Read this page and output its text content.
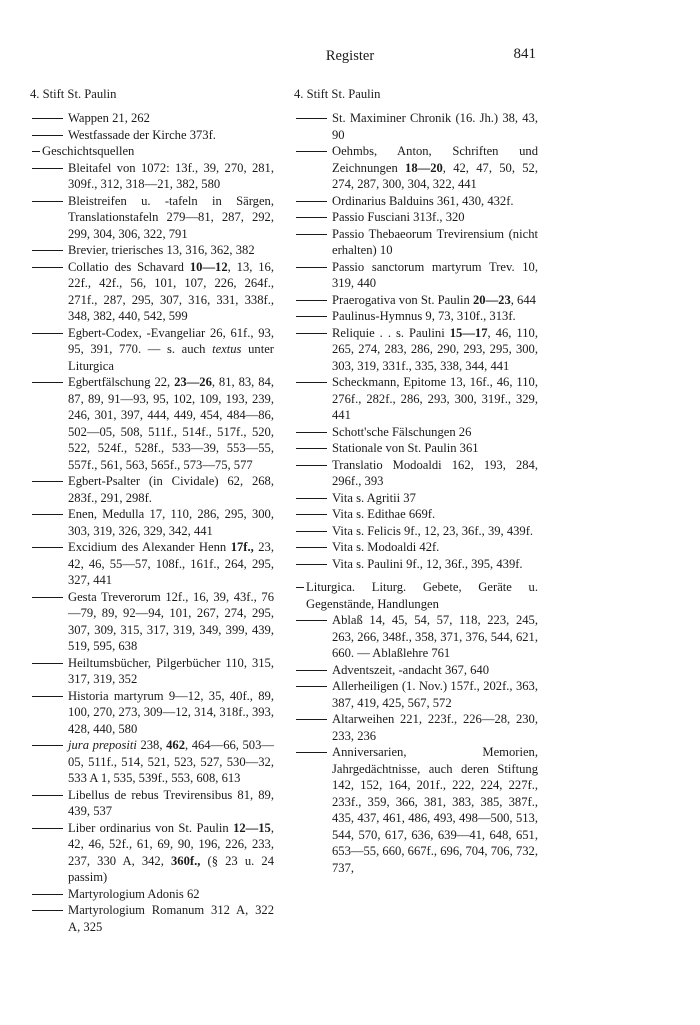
Register	841
4. Stift St. Paulin
Wappen 21, 262
Westfassade der Kirche 373f.
Geschichtsquellen
Bleitafel von 1072: 13f., 39, 270, 281, 309f., 312, 318—21, 382, 580
Bleistreifen u. -tafeln in Särgen, Translationstafeln 279—81, 287, 292, 299, 304, 306, 322, 791
Brevier, trierisches 13, 316, 362, 382
Collatio des Schavard 10—12, 13, 16, 22f., 42f., 56, 101, 107, 226, 264f., 271f., 287, 295, 307, 316, 331, 338f., 348, 382, 440, 542, 599
Egbert-Codex, -Evangeliar 26, 61f., 93, 95, 391, 770. — s. auch textus unter Liturgica
Egbertfälschung 22, 23—26, 81, 83, 84, 87, 89, 91—93, 95, 102, 109, 193, 239, 246, 301, 397, 444, 449, 454, 484—86, 502—05, 508, 511f., 514f., 517f., 520, 522, 524f., 528f., 533—39, 553—55, 557f., 561, 563, 565f., 573—75, 577
Egbert-Psalter (in Cividale) 62, 268, 283f., 291, 298f.
Enen, Medulla 17, 110, 286, 295, 300, 303, 319, 326, 329, 342, 441
Excidium des Alexander Henn 17f., 23, 42, 46, 55—57, 108f., 161f., 264, 295, 327, 441
Gesta Treverorum 12f., 16, 39, 43f., 76—79, 89, 92—94, 101, 267, 274, 295, 307, 309, 315, 317, 319, 349, 399, 439, 519, 595, 638
Heiltumsbücher, Pilgerbücher 110, 315, 317, 319, 352
Historia martyrum 9—12, 35, 40f., 89, 100, 270, 273, 309—12, 314, 318f., 393, 428, 440, 580
jura prepositi 238, 462, 464—66, 503—05, 511f., 514, 521, 523, 527, 530—32, 533 A 1, 535, 539f., 553, 608, 613
Libellus de rebus Trevirensibus 81, 89, 439, 537
Liber ordinarius von St. Paulin 12—15, 42, 46, 52f., 61, 69, 90, 196, 226, 233, 237, 330 A, 342, 360f., (§ 23 u. 24 passim)
Martyrologium Adonis 62
Martyrologium Romanum 312 A, 322 A, 325
4. Stift St. Paulin
St. Maximiner Chronik (16. Jh.) 38, 43, 90
Oehmbs, Anton, Schriften und Zeichnungen 18—20, 42, 47, 50, 52, 274, 287, 300, 304, 322, 441
Ordinarius Balduins 361, 430, 432f.
Passio Fusciani 313f., 320
Passio Thebaeorum Trevirensium (nicht erhalten) 10
Passio sanctorum martyrum Trev. 10, 319, 440
Praerogativa von St. Paulin 20—23, 644
Paulinus-Hymnus 9, 73, 310f., 313f.
Reliquie . . s. Paulini 15—17, 46, 110, 265, 274, 283, 286, 290, 293, 295, 300, 303, 319, 331f., 335, 338, 344, 441
Scheckmann, Epitome 13, 16f., 46, 110, 276f., 282f., 286, 293, 300, 319f., 329, 441
Schott'sche Fälschungen 26
Stationale von St. Paulin 361
Translatio Modoaldi 162, 193, 284, 296f., 393
Vita s. Agritii 37
Vita s. Edithae 669f.
Vita s. Felicis 9f., 12, 23, 36f., 39, 439f.
Vita s. Modoaldi 42f.
Vita s. Paulini 9f., 12, 36f., 395, 439f.
Liturgica. Liturg. Gebete, Geräte u. Gegenstände, Handlungen
Ablaß 14, 45, 54, 57, 118, 223, 245, 263, 266, 348f., 358, 371, 376, 544, 621, 660. — Ablaßlehre 761
Adventszeit, -andacht 367, 640
Allerheiligen (1. Nov.) 157f., 202f., 363, 387, 419, 425, 567, 572
Altarweihen 221, 223f., 226—28, 230, 233, 236
Anniversarien, Memorien, Jahrgedächtnisse, auch deren Stiftung 142, 152, 164, 201f., 222, 224, 227f., 233f., 359, 366, 381, 383, 385, 387f., 435, 437, 461, 486, 493, 498—500, 513, 544, 570, 617, 636, 639—41, 648, 651, 653—55, 660, 667f., 696, 704, 706, 732, 737,
